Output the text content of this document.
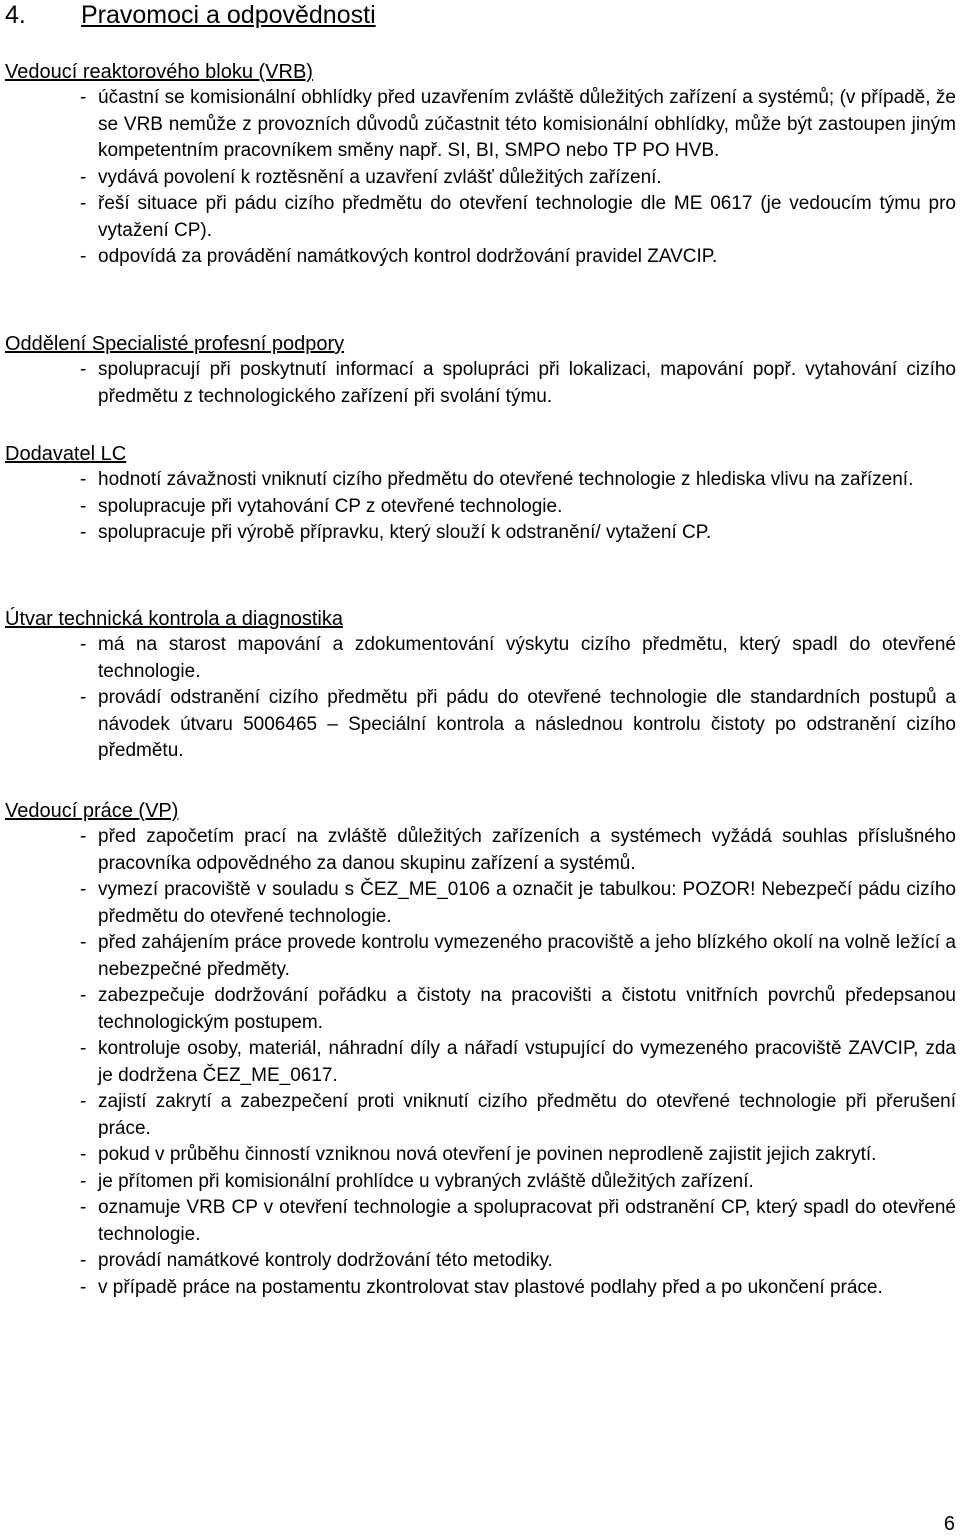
4. Pravomoci a odpovědnosti
Vedoucí reaktorového bloku (VRB)
- účastní se komisionální obhlídky před uzavřením zvláště důležitých zařízení a systémů; (v případě, že se VRB nemůže z provozních důvodů zúčastnit této komisionální obhlídky, může být zastoupen jiným kompetentním pracovníkem směny např. SI, BI, SMPO nebo TP PO HVB.
- vydává povolení k roztěsnění a uzavření zvlášť důležitých zařízení.
- řeší situace při pádu cizího předmětu do otevření technologie dle ME 0617 (je vedoucím týmu pro vytažení CP).
- odpovídá za provádění namátkových kontrol dodržování pravidel ZAVCIP.
Oddělení Specialisté profesní podpory
- spolupracují při poskytnutí informací a spolupráci při lokalizaci, mapování popř. vytahování cizího předmětu z technologického zařízení při svolání týmu.
Dodavatel LC
- hodnotí závažnosti vniknutí cizího předmětu do otevřené technologie z hlediska vlivu na zařízení.
- spolupracuje při vytahování CP z otevřené technologie.
- spolupracuje při výrobě přípravku, který slouží k odstranění/ vytažení CP.
Útvar technická kontrola a diagnostika
- má na starost mapování a zdokumentování výskytu cizího předmětu, který spadl do otevřené technologie.
- provádí odstranění cizího předmětu při pádu do otevřené technologie dle standardních postupů a návodek útvaru 5006465 – Speciální kontrola a následnou kontrolu čistoty po odstranění cizího předmětu.
Vedoucí práce (VP)
- před započetím prací na zvláště důležitých zařízeních a systémech vyžádá souhlas příslušného pracovníka odpovědného za danou skupinu zařízení a systémů.
- vymezí pracoviště v souladu s ČEZ_ME_0106 a označit je tabulkou: POZOR! Nebezpečí pádu cizího předmětu do otevřené technologie.
- před zahájením práce provede kontrolu vymezeného pracoviště a jeho blízkého okolí na volně ležící a nebezpečné předměty.
- zabezpečuje dodržování pořádku a čistoty na pracovišti a čistotu vnitřních povrchů předepsanou technologickým postupem.
- kontroluje osoby, materiál, náhradní díly a nářadí vstupující do vymezeného pracoviště ZAVCIP, zda je dodržena ČEZ_ME_0617.
- zajistí zakrytí a zabezpečení proti vniknutí cizího předmětu do otevřené technologie při přerušení práce.
- pokud v průběhu činností vzniknou nová otevření je povinen neprodleně zajistit jejich zakrytí.
- je přítomen při komisionální prohlídce u vybraných zvláště důležitých zařízení.
- oznamuje VRB CP v otevření technologie a spolupracovat při odstranění CP, který spadl do otevřené technologie.
- provádí namátkové kontroly dodržování této metodiky.
- v případě práce na postamentu zkontrolovat stav plastové podlahy před a po ukončení práce.
6
